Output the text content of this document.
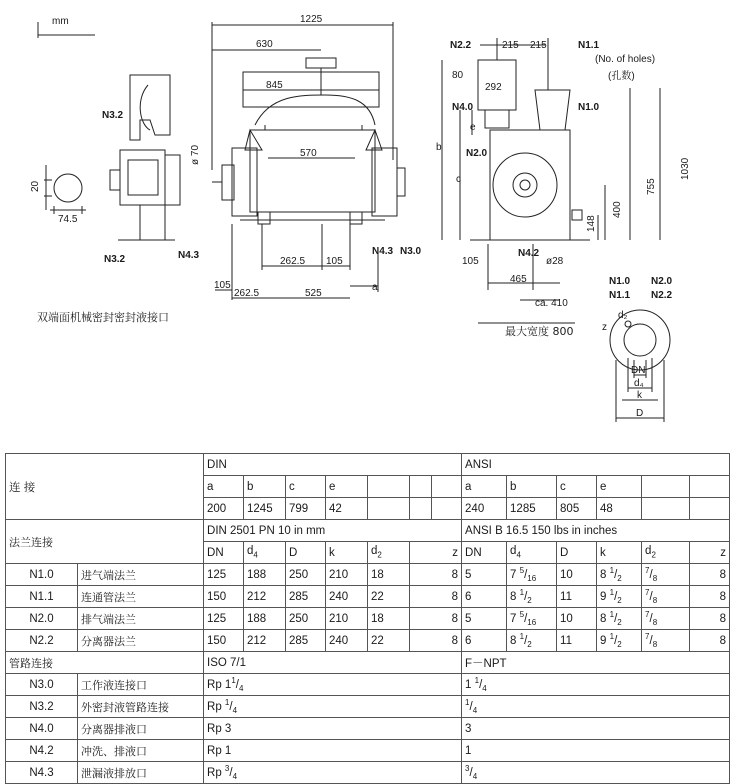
mm	1225
630
845
570
262.5 105
105
262.5	525
a
ø 70
20
74.5
N3.2
N3.2	N4.3	N4.3 N3.0
N2.2	215 215	N1.1
(No. of holes)
(孔数)
80
292
N4.0	N1.0
N2.0
b
c
e
1030
755
400
148
105
N4.2
ø28
465
ca. 410
N1.0 N2.0
N1.1 N2.2
d₂
z
DN
d₄
k
D
双端面机械密封密封液接口
最大宽度 800
连 接		DIN							ANSI					
		a	b	c	e				a	b	c	e		
		200	1245	799	42				240	1285	805	48		
法兰连接		DIN 2501 PN 10 in mm							ANSI B 16.5 150 lbs in inches					
		DN	$d_4$	D	k	$d_2$	z		DN	$d_4$	D	k	$d_2$	z
N1.0	进气端法兰	125	188	250	210	18	8		5	7 $^5/_{16}$	10	8 $^1/_2$	$^7/_8$	8
N1.1	连通管法兰	150	212	285	240	22	8		6	8 $^1/_2$	11	9 $^1/_2$	$^7/_8$	8
N2.0	排气端法兰	125	188	250	210	18	8		5	7 $^5/_{16}$	10	8 $^1/_2$	$^7/_8$	8
N2.2	分离器法兰	150	212	285	240	22	8		6	8 $^1/_2$	11	9 $^1/_2$	$^7/_8$	8
管路连接		ISO 7/1							F－NPT					
N3.0	工作液连接口	Rp $1^1/_4$							1 $^1/_4$
N3.2	外密封液管路连接	Rp $^1/_4$							$^1/_4$
N4.0	分离器排液口	Rp 3							3					
N4.2	冲洗、排液口	Rp 1							1					
N4.3	泄漏液排放口	Rp $^3/_4$							$^3/_4$
